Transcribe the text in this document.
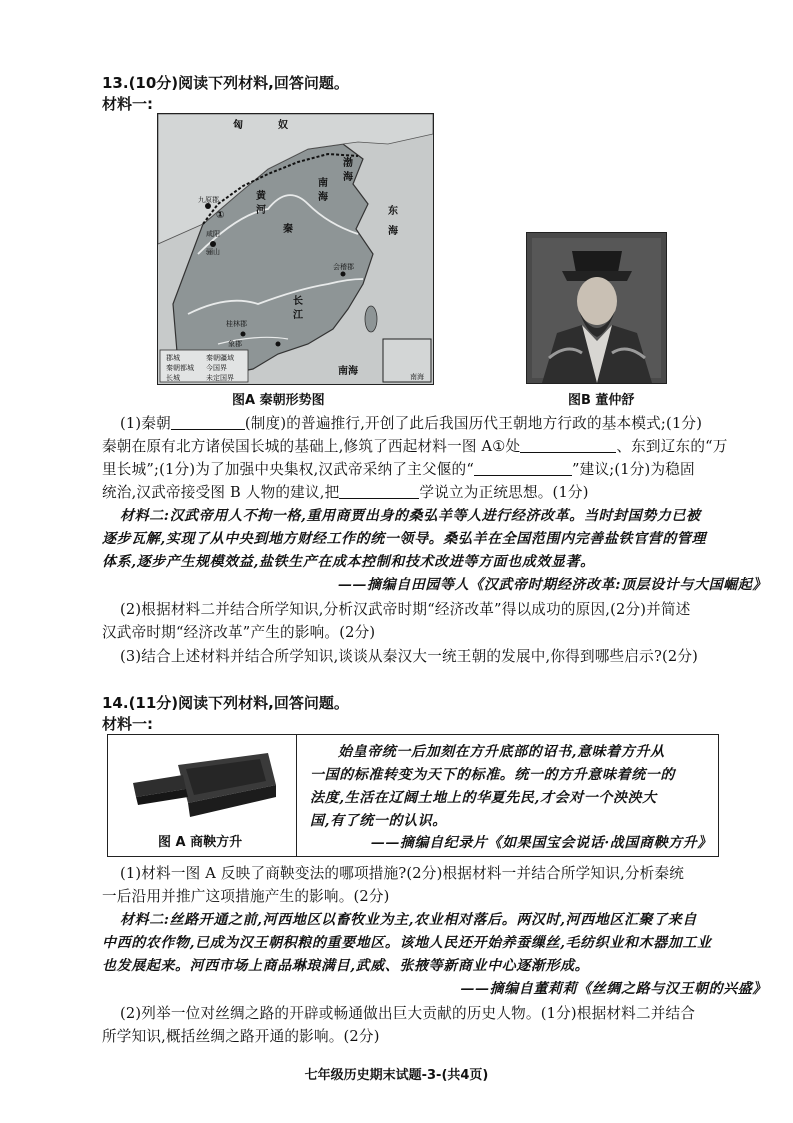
13.(10分)阅读下列材料,回答问题。
材料一:
匈	奴
九原郡
渤
海
东
海
秦
南
海
南海
①
咸阳
骊山
会稽郡
桂林郡
象郡
黄
河
长
江
郡城
秦朝都城
长城
秦朝疆域
今国界
未定国界	南海
图A 秦朝形势图	图B 董仲舒
(1)秦朝	(制度)的普遍推行,开创了此后我国历代王朝地方行政的基本模式;(1分)
秦朝在原有北方诸侯国长城的基础上,修筑了西起材料一图 A①处	、东到辽东的“万
里长城”;(1分)为了加强中央集权,汉武帝采纳了主父偃的“	”建议;(1分)为稳固
统治,汉武帝接受图 B 人物的建议,把	学说立为正统思想。(1分)
材料二:汉武帝用人不拘一格,重用商贾出身的桑弘羊等人进行经济改革。当时封国势力已被
逐步瓦解,实现了从中央到地方财经工作的统一领导。桑弘羊在全国范围内完善盐铁官营的管理
体系,逐步产生规模效益,盐铁生产在成本控制和技术改进等方面也成效显著。
——摘编自田园等人《汉武帝时期经济改革:顶层设计与大国崛起》
(2)根据材料二并结合所学知识,分析汉武帝时期“经济改革”得以成功的原因,(2分)并简述
汉武帝时期“经济改革”产生的影响。(2分)
(3)结合上述材料并结合所学知识,谈谈从秦汉大一统王朝的发展中,你得到哪些启示?(2分)
14.(11分)阅读下列材料,回答问题。
材料一:
图 A 商鞅方升
始皇帝统一后加刻在方升底部的诏书,意味着方升从
一国的标准转变为天下的标准。统一的方升意味着统一的
法度,生活在辽阔土地上的华夏先民,才会对一个泱泱大
国,有了统一的认识。
——摘编自纪录片《如果国宝会说话·战国商鞅方升》
(1)材料一图 A 反映了商鞅变法的哪项措施?(2分)根据材料一并结合所学知识,分析秦统
一后沿用并推广这项措施产生的影响。(2分)
材料二:丝路开通之前,河西地区以畜牧业为主,农业相对落后。两汉时,河西地区汇聚了来自
中西的农作物,已成为汉王朝积粮的重要地区。该地人民还开始养蚕缫丝,毛纺织业和木器加工业
也发展起来。河西市场上商品琳琅满目,武威、张掖等新商业中心逐渐形成。
——摘编自董莉莉《丝绸之路与汉王朝的兴盛》
(2)列举一位对丝绸之路的开辟或畅通做出巨大贡献的历史人物。(1分)根据材料二并结合
所学知识,概括丝绸之路开通的影响。(2分)
七年级历史期末试题-3-(共4页)
